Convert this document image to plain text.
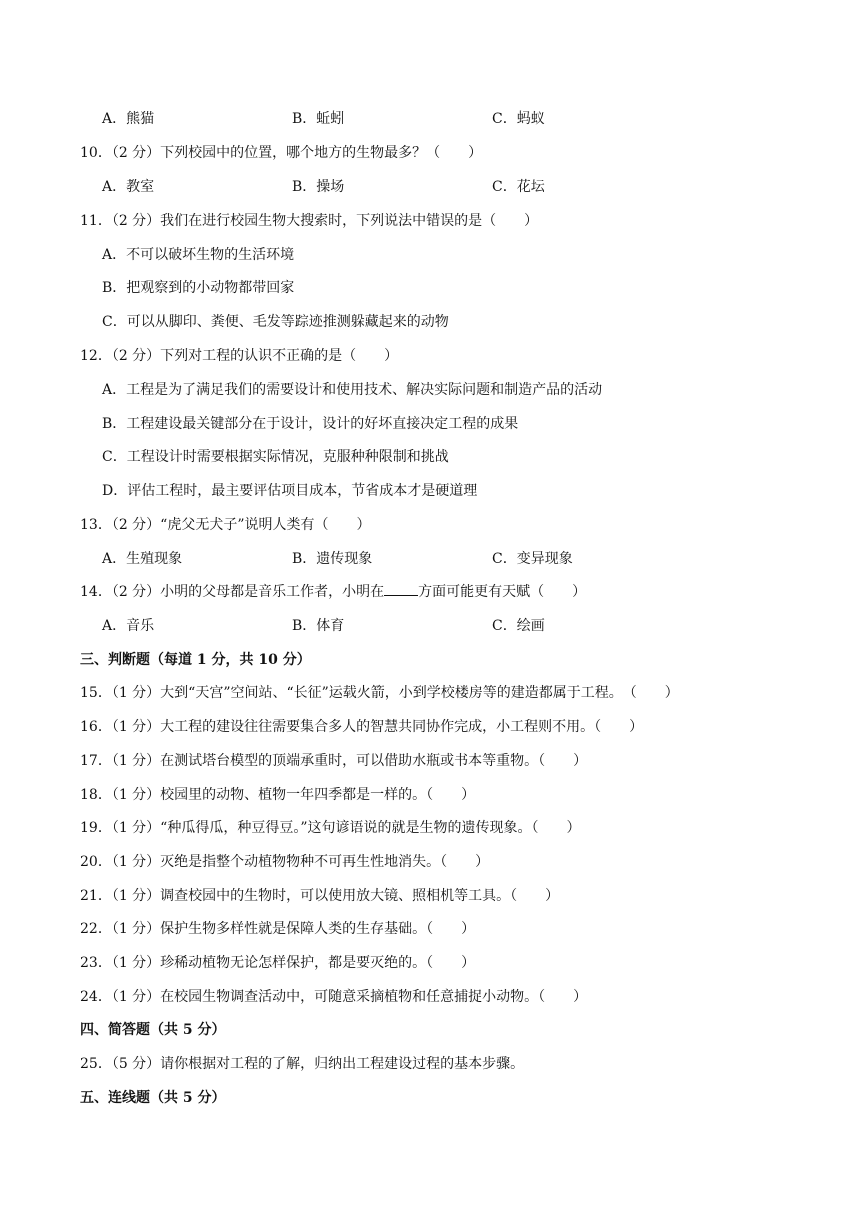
A．熊猫	B．蚯蚓	C．蚂蚁
10．（2 分）下列校园中的位置，哪个地方的生物最多？（　　）
A．教室	B．操场	C．花坛
11．（2 分）我们在进行校园生物大搜索时，下列说法中错误的是（　　）
A．不可以破坏生物的生活环境
B．把观察到的小动物都带回家
C．可以从脚印、粪便、毛发等踪迹推测躲藏起来的动物
12．（2 分）下列对工程的认识不正确的是（　　）
A．工程是为了满足我们的需要设计和使用技术、解决实际问题和制造产品的活动
B．工程建设最关键部分在于设计，设计的好坏直接决定工程的成果
C．工程设计时需要根据实际情况，克服种种限制和挑战
D．评估工程时，最主要评估项目成本，节省成本才是硬道理
13．（2 分）“虎父无犬子”说明人类有（　　）
A．生殖现象	B．遗传现象	C．变异现象
14．（2 分）小明的父母都是音乐工作者，小明在 方面可能更有天赋（　　）
A．音乐	B．体育	C．绘画
三、判断题（每道 1 分，共 10 分）
15．（1 分）大到“天宫”空间站、“长征”运载火箭，小到学校楼房等的建造都属于工程。　（　　）
16．（1 分）大工程的建设往往需要集合多人的智慧共同协作完成，小工程则不用。（　　）
17．（1 分）在测试塔台模型的顶端承重时，可以借助水瓶或书本等重物。（　　）
18．（1 分）校园里的动物、植物一年四季都是一样的。（　　）
19．（1 分）“种瓜得瓜，种豆得豆。”这句谚语说的就是生物的遗传现象。（　　）
20．（1 分）灭绝是指整个动植物物种不可再生性地消失。（　　）
21．（1 分）调查校园中的生物时，可以使用放大镜、照相机等工具。（　　）
22．（1 分）保护生物多样性就是保障人类的生存基础。（　　）
23．（1 分）珍稀动植物无论怎样保护，都是要灭绝的。（　　）
24．（1 分）在校园生物调查活动中，可随意采摘植物和任意捕捉小动物。（　　）
四、简答题（共 5 分）
25．（5 分）请你根据对工程的了解，归纳出工程建设过程的基本步骤。
五、连线题（共 5 分）
